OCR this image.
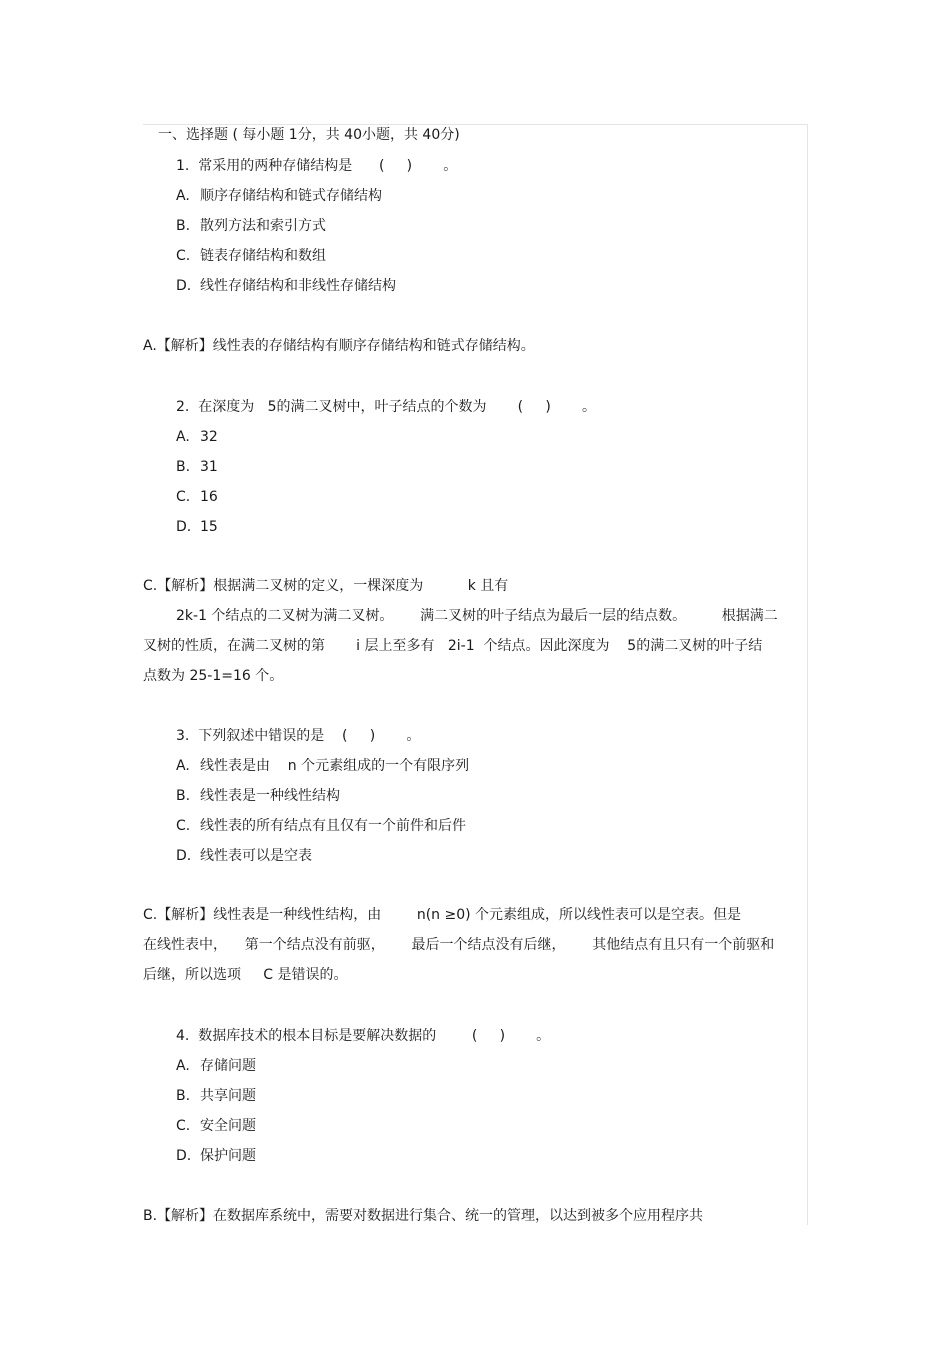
一、选择题 ( 每小题 1分，共 40小题，共 40分)
1.  常采用的两种存储结构是      (     )       。
A. 顺序存储结构和链式存储结构
B. 散列方法和索引方式
C. 链表存储结构和数组
D. 线性存储结构和非线性存储结构
A.【解析】线性表的存储结构有顺序存储结构和链式存储结构。
2.  在深度为   5的满二叉树中，叶子结点的个数为       (     )       。
A. 32
B. 31
C. 16
D. 15
C.【解析】根据满二叉树的定义，一棵深度为          k 且有
2k-1 个结点的二叉树为满二叉树。      满二叉树的叶子结点为最后一层的结点数。        根据满二
叉树的性质，在满二叉树的第       i 层上至多有   2i-1  个结点。因此深度为    5的满二叉树的叶子结
点数为 25-1=16 个。
3.  下列叙述中错误的是    (     )       。
A. 线性表是由    n 个元素组成的一个有限序列
B. 线性表是一种线性结构
C. 线性表的所有结点有且仅有一个前件和后件
D. 线性表可以是空表
C.【解析】线性表是一种线性结构，由        n(n ≥0) 个元素组成，所以线性表可以是空表。但是
在线性表中，    第一个结点没有前驱，      最后一个结点没有后继，      其他结点有且只有一个前驱和
后继，所以选项     C 是错误的。
4.  数据库技术的根本目标是要解决数据的        (     )       。
A. 存储问题
B. 共享问题
C. 安全问题
D. 保护问题
B.【解析】在数据库系统中，需要对数据进行集合、统一的管理，以达到被多个应用程序共
